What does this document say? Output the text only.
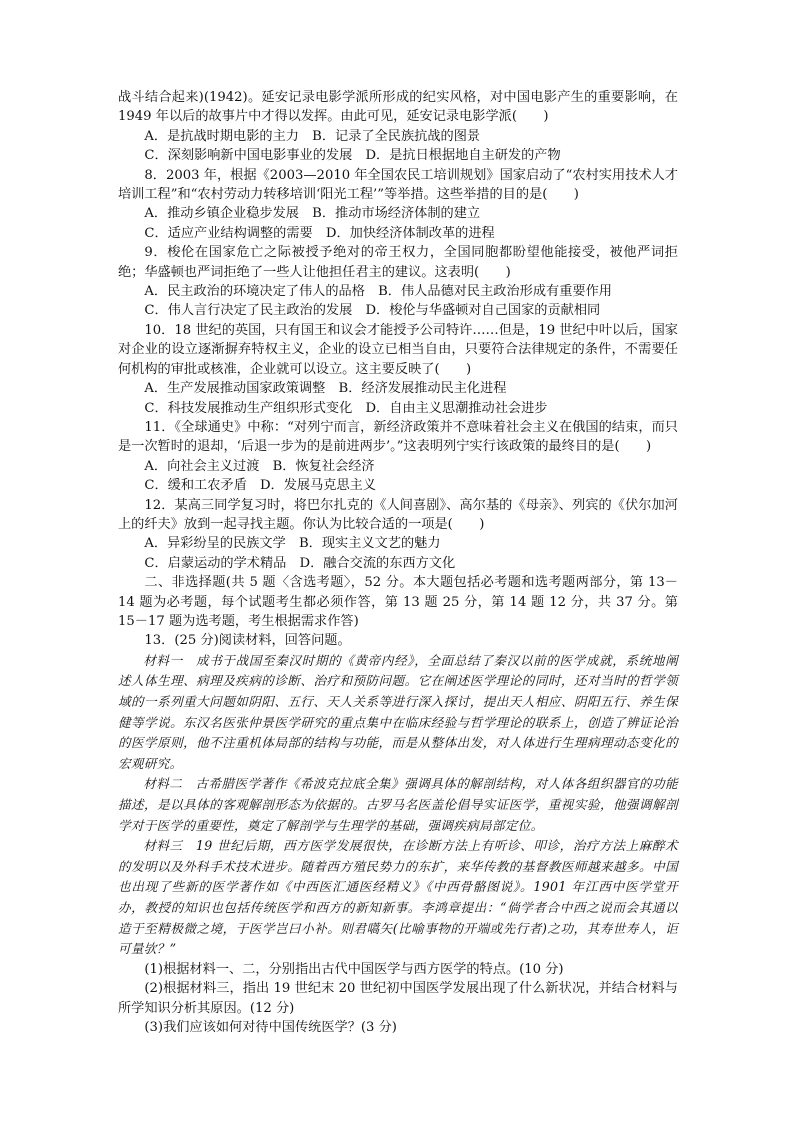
战斗结合起来)(1942)。延安记录电影学派所形成的纪实风格，对中国电影产生的重要影响，在 1949 年以后的故事片中才得以发挥。由此可见，延安记录电影学派(　　)

A．是抗战时期电影的主力　B．记录了全民族抗战的图景

C．深刻影响新中国电影事业的发展　D．是抗日根据地自主研发的产物

8．2003 年，根据《2003—2010 年全国农民工培训规划》国家启动了“农村实用技术人才培训工程”和“农村劳动力转移培训‘阳光工程’”等举措。这些举措的目的是(　　)

A．推动乡镇企业稳步发展　B．推动市场经济体制的建立

C．适应产业结构调整的需要　D．加快经济体制改革的进程

9．梭伦在国家危亡之际被授予绝对的帝王权力，全国同胞都盼望他能接受，被他严词拒绝；华盛顿也严词拒绝了一些人让他担任君主的建议。这表明(　　)

A．民主政治的环境决定了伟人的品格　B．伟人品德对民主政治形成有重要作用

C．伟人言行决定了民主政治的发展　D．梭伦与华盛顿对自己国家的贡献相同

10．18 世纪的英国，只有国王和议会才能授予公司特许……但是，19 世纪中叶以后，国家对企业的设立逐渐摒弃特权主义，企业的设立已相当自由，只要符合法律规定的条件，不需要任何机构的审批或核准，企业就可以设立。这主要反映了(　　)

A．生产发展推动国家政策调整　B．经济发展推动民主化进程

C．科技发展推动生产组织形式变化　D．自由主义思潮推动社会进步

11．《全球通史》中称：“对列宁而言，新经济政策并不意味着社会主义在俄国的结束，而只是一次暂时的退却，‘后退一步为的是前进两步’。”这表明列宁实行该政策的最终目的是(　　)

A．向社会主义过渡　B．恢复社会经济

C．缓和工农矛盾　D．发展马克思主义

12．某高三同学复习时，将巴尔扎克的《人间喜剧》、高尔基的《母亲》、列宾的《伏尔加河上的纤夫》放到一起寻找主题。你认为比较合适的一项是(　　)

A．异彩纷呈的民族文学　B．现实主义文艺的魅力

C．启蒙运动的学术精品　D．融合交流的东西方文化

二、非选择题(共 5 题〈含选考题〉，52 分。本大题包括必考题和选考题两部分，第 13－14 题为必考题，每个试题考生都必须作答，第 13 题 25 分，第 14 题 12 分，共 37 分。第 15－17 题为选考题，考生根据需求作答)

13．(25 分)阅读材料，回答问题。

材料一　成书于战国至秦汉时期的《黄帝内经》，全面总结了秦汉以前的医学成就，系统地阐述人体生理、病理及疾病的诊断、治疗和预防问题。它在阐述医学理论的同时，还对当时的哲学领域的一系列重大问题如阴阳、五行、天人关系等进行深入探讨，提出天人相应、阴阳五行、养生保健等学说。东汉名医张仲景医学研究的重点集中在临床经验与哲学理论的联系上，创造了辨证论治的医学原则，他不注重机体局部的结构与功能，而是从整体出发，对人体进行生理病理动态变化的宏观研究。

材料二　古希腊医学著作《希波克拉底全集》强调具体的解剖结构，对人体各组织器官的功能描述，是以具体的客观解剖形态为依据的。古罗马名医盖伦倡导实证医学，重视实验，他强调解剖学对于医学的重要性，奠定了解剖学与生理学的基础，强调疾病局部定位。

材料三　19 世纪后期，西方医学发展很快，在诊断方法上有听诊、叩诊，治疗方法上麻醉术的发明以及外科手术技术进步。随着西方殖民势力的东扩，来华传教的基督教医师越来越多。中国也出现了些新的医学著作如《中西医汇通医经精义》《中西骨骼图说》。1901 年江西中医学堂开办，教授的知识也包括传统医学和西方的新知新事。李鸿章提出：“倘学者合中西之说而会其通以造于至精极微之境，于医学岂曰小补。则君嚆矢(比喻事物的开端或先行者)之功，其寿世寿人，讵可量欤？”

(1)根据材料一、二，分别指出古代中国医学与西方医学的特点。(10 分)

(2)根据材料三，指出 19 世纪末 20 世纪初中国医学发展出现了什么新状况，并结合材料与所学知识分析其原因。(12 分)

(3)我们应该如何对待中国传统医学？(3 分)
